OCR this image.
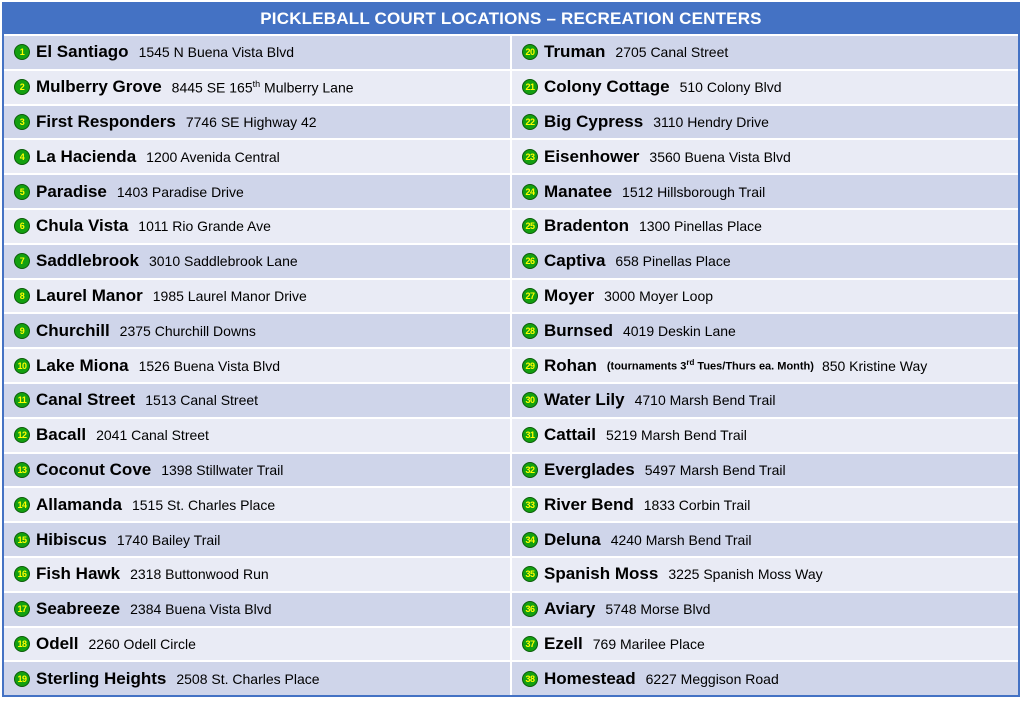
PICKLEBALL COURT LOCATIONS – RECREATION CENTERS
1 El Santiago 1545 N Buena Vista Blvd
2 Mulberry Grove 8445 SE 165th Mulberry Lane
3 First Responders 7746 SE Highway 42
4 La Hacienda 1200 Avenida Central
5 Paradise 1403 Paradise Drive
6 Chula Vista 1011 Rio Grande Ave
7 Saddlebrook 3010 Saddlebrook Lane
8 Laurel Manor 1985 Laurel Manor Drive
9 Churchill 2375 Churchill Downs
10 Lake Miona 1526 Buena Vista Blvd
11 Canal Street 1513 Canal Street
12 Bacall 2041 Canal Street
13 Coconut Cove 1398 Stillwater Trail
14 Allamanda 1515 St. Charles Place
15 Hibiscus 1740 Bailey Trail
16 Fish Hawk 2318 Buttonwood Run
17 Seabreeze 2384 Buena Vista Blvd
18 Odell 2260 Odell Circle
19 Sterling Heights 2508 St. Charles Place
20 Truman 2705 Canal Street
21 Colony Cottage 510 Colony Blvd
22 Big Cypress 3110 Hendry Drive
23 Eisenhower 3560 Buena Vista Blvd
24 Manatee 1512 Hillsborough Trail
25 Bradenton 1300 Pinellas Place
26 Captiva 658 Pinellas Place
27 Moyer 3000 Moyer Loop
28 Burnsed 4019 Deskin Lane
29 Rohan (tournaments 3rd Tues/Thurs ea. Month) 850 Kristine Way
30 Water Lily 4710 Marsh Bend Trail
31 Cattail 5219 Marsh Bend Trail
32 Everglades 5497 Marsh Bend Trail
33 River Bend 1833 Corbin Trail
34 Deluna 4240 Marsh Bend Trail
35 Spanish Moss 3225 Spanish Moss Way
36 Aviary 5748 Morse Blvd
37 Ezell 769 Marilee Place
38 Homestead 6227 Meggison Road
